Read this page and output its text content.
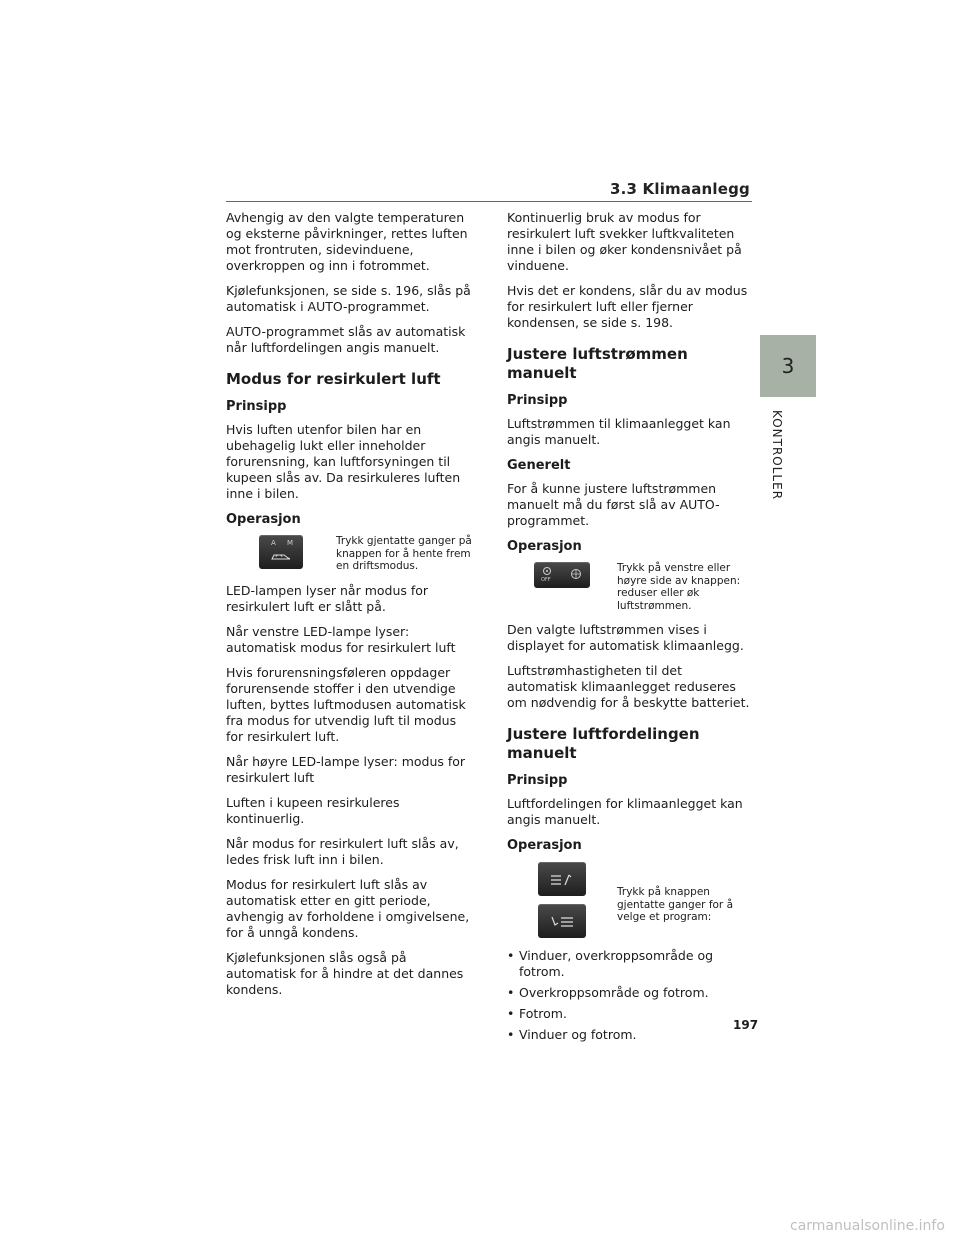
3.3 Klimaanlegg
3
KONTROLLER

Avhengig av den valgte temperaturen og eksterne påvirkninger, rettes luften mot frontruten, sidevinduene, overkroppen og inn i fotrommet.

Kjølefunksjonen, se side s. 196, slås på automatisk i AUTO-programmet.

AUTO-programmet slås av automatisk når luftfordelingen angis manuelt.

Modus for resirkulert luft
Prinsipp

Hvis luften utenfor bilen har en ubehagelig lukt eller inneholder forurensning, kan luftforsyningen til kupeen slås av. Da resirkuleres luften inne i bilen.

Operasjon
A M	Trykk gjentatte ganger på knappen for å hente frem en driftsmodus.

LED-lampen lyser når modus for resirkulert luft er slått på.

Når venstre LED-lampe lyser: automatisk modus for resirkulert luft

Hvis forurensningsføleren oppdager forurensende stoffer i den utvendige luften, byttes luftmodusen automatisk fra modus for utvendig luft til modus for resirkulert luft.

Når høyre LED-lampe lyser: modus for resirkulert luft

Luften i kupeen resirkuleres kontinuerlig.

Når modus for resirkulert luft slås av, ledes frisk luft inn i bilen.

Modus for resirkulert luft slås av automatisk etter en gitt periode, avhengig av forholdene i omgivelsene, for å unngå kondens.

Kjølefunksjonen slås også på automatisk for å hindre at det dannes kondens.

Kontinuerlig bruk av modus for resirkulert luft svekker luftkvaliteten inne i bilen og øker kondensnivået på vinduene.

Hvis det er kondens, slår du av modus for resirkulert luft eller fjerner kondensen, se side s. 198.

Justere luftstrømmen manuelt
Prinsipp

Luftstrømmen til klimaanlegget kan angis manuelt.

Generelt

For å kunne justere luftstrømmen manuelt må du først slå av AUTO-programmet.

Operasjon
OFF

Trykk på venstre eller høyre side av knappen: reduser eller øk luftstrømmen.

Den valgte luftstrømmen vises i displayet for automatisk klimaanlegg.

Luftstrømhastigheten til det automatisk klimaanlegget reduseres om nødvendig for å beskytte batteriet.

Justere luftfordelingen manuelt
Prinsipp

Luftfordelingen for klimaanlegget kan angis manuelt.

Operasjon

Trykk på knappen gjentatte ganger for å velge et program:

• Vinduer, overkroppsområde og fotrom.
• Overkroppsområde og fotrom.
• Fotrom.
• Vinduer og fotrom.
197
carmanualsonline.info
